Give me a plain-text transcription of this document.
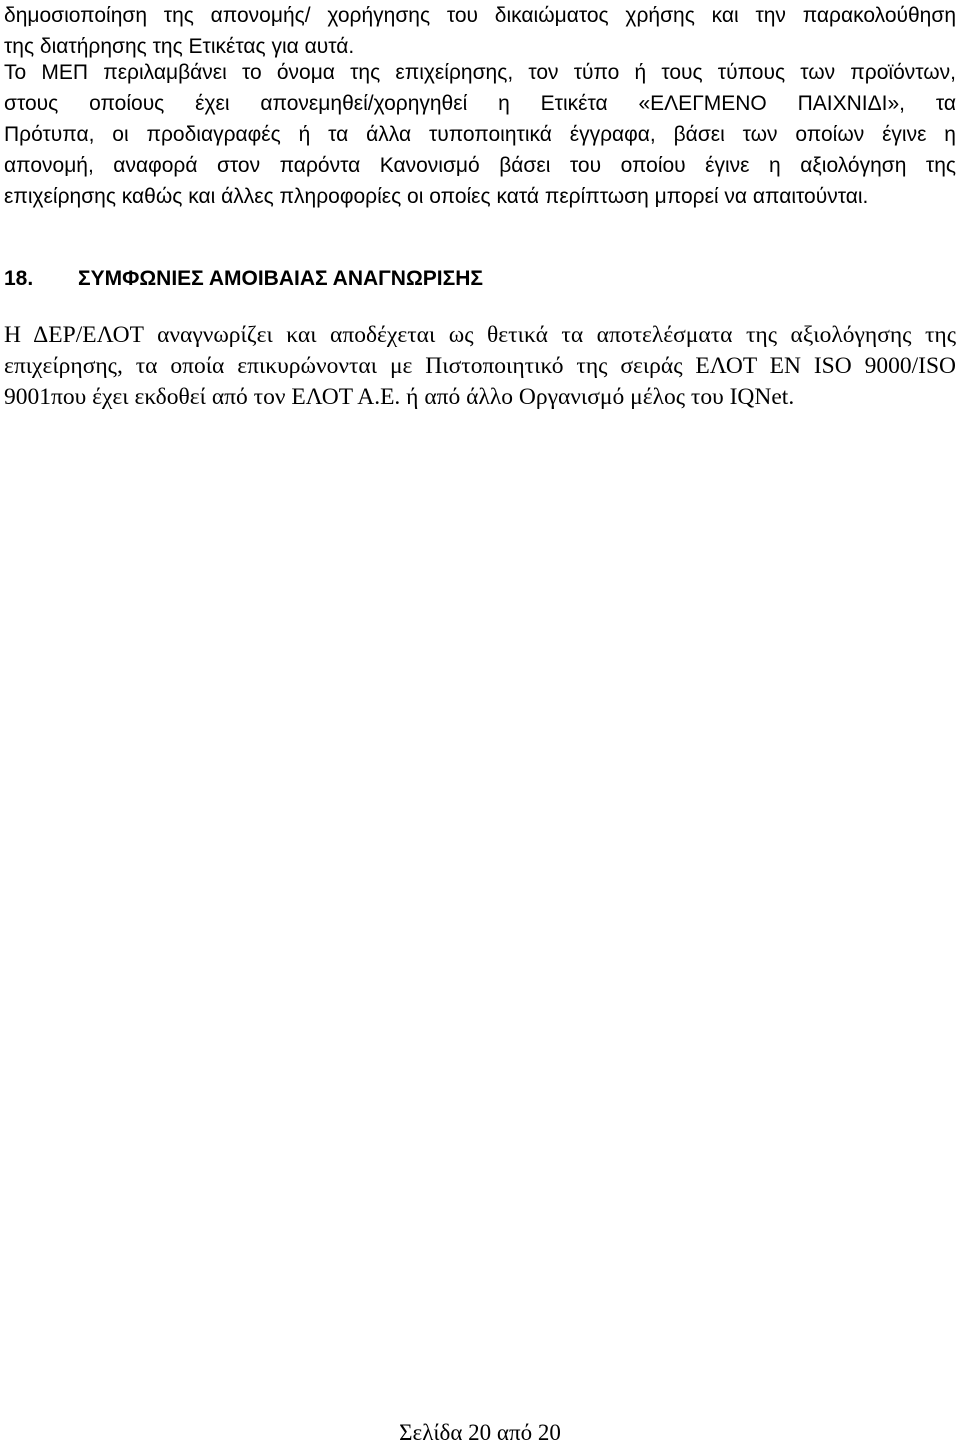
δημοσιοποίηση της απονομής/ χορήγησης του δικαιώματος χρήσης και την παρακολούθηση
της διατήρησης της Ετικέτας για αυτά.
Το ΜΕΠ περιλαμβάνει το όνομα της επιχείρησης, τον τύπο ή τους τύπους των προϊόντων,
στους οποίους έχει απονεμηθεί/χορηγηθεί η Ετικέτα «ΕΛΕΓΜΕΝΟ ΠΑΙΧΝΙΔΙ», τα
Πρότυπα, οι προδιαγραφές ή τα άλλα τυποποιητικά έγγραφα, βάσει των οποίων έγινε η
απονομή, αναφορά στον παρόντα Κανονισμό βάσει του οποίου έγινε η αξιολόγηση της
επιχείρησης καθώς και άλλες πληροφορίες οι οποίες κατά περίπτωση μπορεί να απαιτούνται.
18. ΣΥΜΦΩΝΙΕΣ ΑΜΟΙΒΑΙΑΣ ΑΝΑΓΝΩΡΙΣΗΣ
Η ΔΕΡ/ΕΛΟΤ αναγνωρίζει και αποδέχεται ως θετικά τα αποτελέσματα της αξιολόγησης της
επιχείρησης, τα οποία επικυρώνονται με Πιστοποιητικό της σειράς ΕΛΟΤ ΕΝ ISO 9000/ISO
9001που έχει εκδοθεί από τον ΕΛΟΤ Α.Ε. ή από άλλο Οργανισμό μέλος του IQNet.
Σελίδα 20 από 20
